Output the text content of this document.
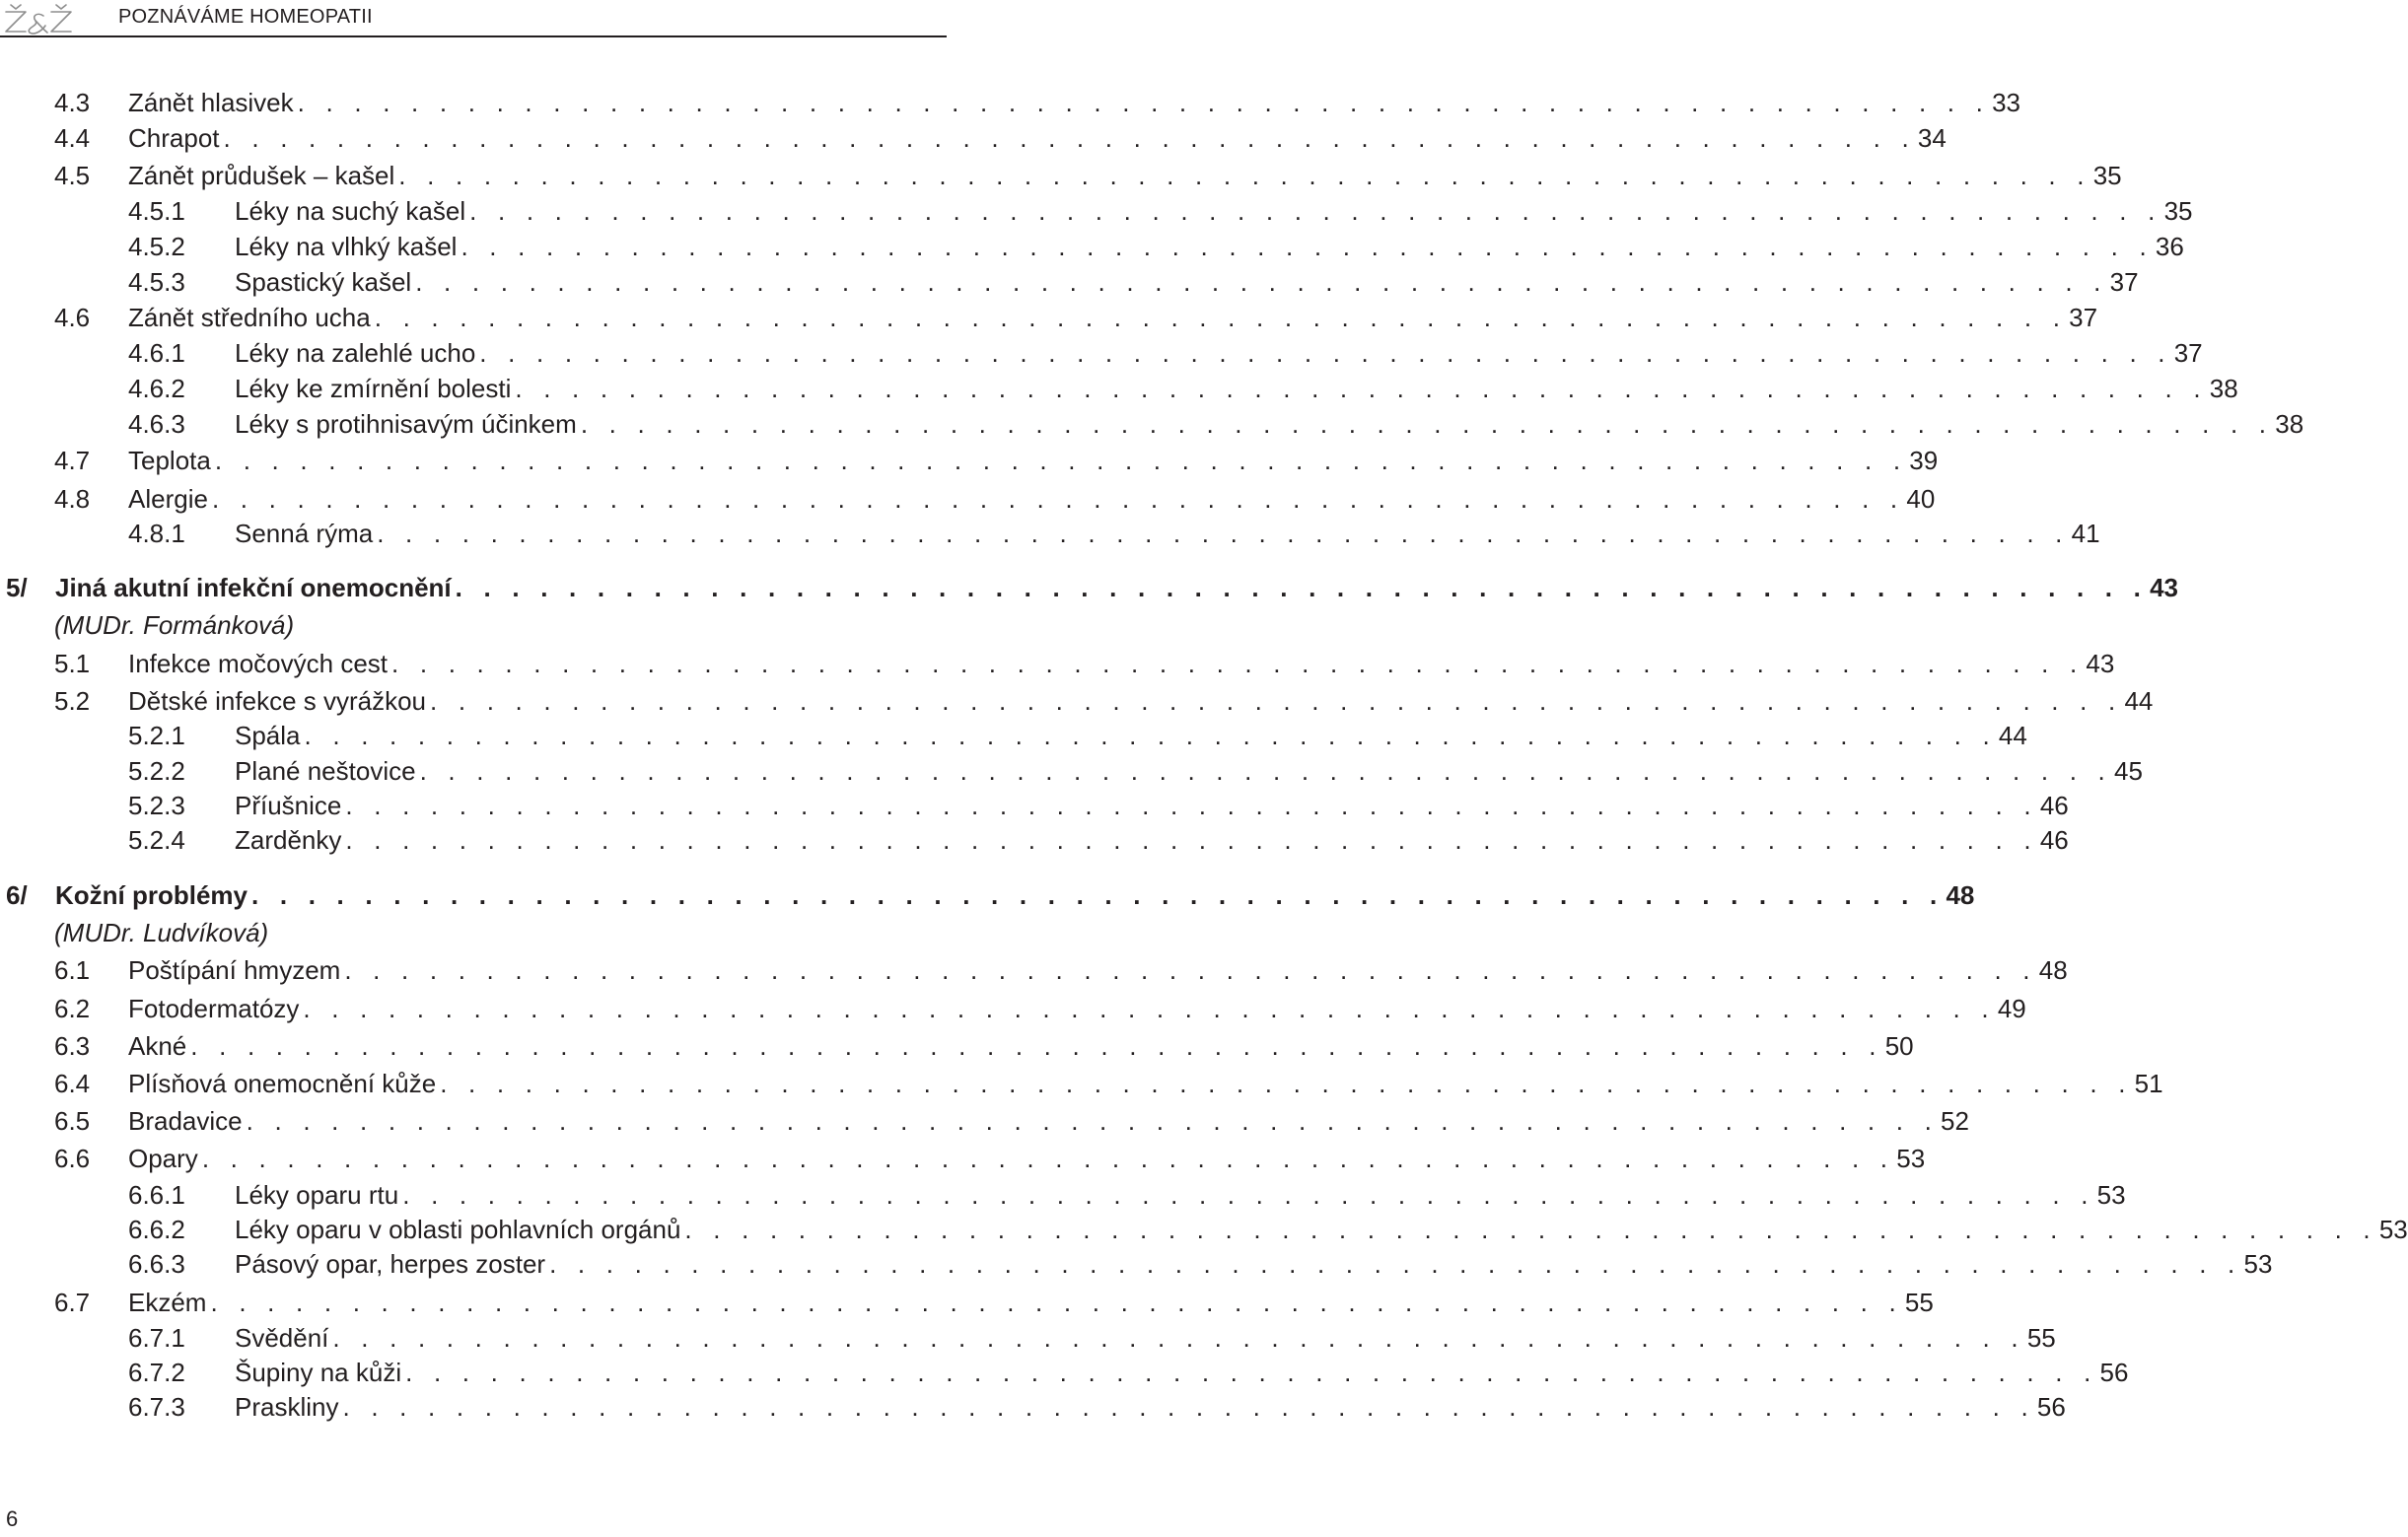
POZNÁVÁME HOMEOPATII
4.3 Zánět hlasivek . . . . . . . . . . . . . . . . . . . . . . . . . . . . . . . . . . . . . . . . . . . . . . . . . . . . . . . . . . . . 33
4.4 Chrapot . . . . . . . . . . . . . . . . . . . . . . . . . . . . . . . . . . . . . . . . . . . . . . . . . . . . . . . . . . . . 34
4.5 Zánět průdušek – kašel . . . . . . . . . . . . . . . . . . . . . . . . . . . . . . . . . . . . . . . . . . . . . . . . . . . . . . . . . . . . 35
4.5.1 Léky na suchý kašel . . . . . . . . . . . . . . . . . . . . . . . . . . . . . . . . . . . . . . . . . . . . . . . . . . . . . . . . . . . . 35
4.5.2 Léky na vlhký kašel . . . . . . . . . . . . . . . . . . . . . . . . . . . . . . . . . . . . . . . . . . . . . . . . . . . . . . . . . . . . 36
4.5.3 Spastický kašel . . . . . . . . . . . . . . . . . . . . . . . . . . . . . . . . . . . . . . . . . . . . . . . . . . . . . . . . . . . . 37
4.6 Zánět středního ucha . . . . . . . . . . . . . . . . . . . . . . . . . . . . . . . . . . . . . . . . . . . . . . . . . . . . . . . . . . . . 37
4.6.1 Léky na zalehlé ucho . . . . . . . . . . . . . . . . . . . . . . . . . . . . . . . . . . . . . . . . . . . . . . . . . . . . . . . . . . . . 37
4.6.2 Léky ke zmírnění bolesti . . . . . . . . . . . . . . . . . . . . . . . . . . . . . . . . . . . . . . . . . . . . . . . . . . . . . . . . . . . . 38
4.6.3 Léky s protihnisavým účinkem . . . . . . . . . . . . . . . . . . . . . . . . . . . . . . . . . . . . . . . . . . . . . . . . . . . . . . . . . . . . 38
4.7 Teplota . . . . . . . . . . . . . . . . . . . . . . . . . . . . . . . . . . . . . . . . . . . . . . . . . . . . . . . . . . . . 39
4.8 Alergie . . . . . . . . . . . . . . . . . . . . . . . . . . . . . . . . . . . . . . . . . . . . . . . . . . . . . . . . . . . . 40
4.8.1 Senná rýma . . . . . . . . . . . . . . . . . . . . . . . . . . . . . . . . . . . . . . . . . . . . . . . . . . . . . . . . . . . . 41
5/ Jiná akutní infekční onemocnění . . . . . . . . . . . . . . . . . . . . . . . . . . . . . . . . . . . . . . . . . . . . . . . . . . . . . . . . . . . . 43
(MUDr. Formánková)
5.1 Infekce močových cest . . . . . . . . . . . . . . . . . . . . . . . . . . . . . . . . . . . . . . . . . . . . . . . . . . . . . . . . . . . . 43
5.2 Dětské infekce s vyrážkou . . . . . . . . . . . . . . . . . . . . . . . . . . . . . . . . . . . . . . . . . . . . . . . . . . . . . . . . . . . . 44
5.2.1 Spála . . . . . . . . . . . . . . . . . . . . . . . . . . . . . . . . . . . . . . . . . . . . . . . . . . . . . . . . . . . . 44
5.2.2 Plané neštovice . . . . . . . . . . . . . . . . . . . . . . . . . . . . . . . . . . . . . . . . . . . . . . . . . . . . . . . . . . . . 45
5.2.3 Příušnice . . . . . . . . . . . . . . . . . . . . . . . . . . . . . . . . . . . . . . . . . . . . . . . . . . . . . . . . . . . . 46
5.2.4 Zarděnky . . . . . . . . . . . . . . . . . . . . . . . . . . . . . . . . . . . . . . . . . . . . . . . . . . . . . . . . . . . . 46
6/ Kožní problémy . . . . . . . . . . . . . . . . . . . . . . . . . . . . . . . . . . . . . . . . . . . . . . . . . . . . . . . . . . . . 48
(MUDr. Ludvíková)
6.1 Poštípání hmyzem . . . . . . . . . . . . . . . . . . . . . . . . . . . . . . . . . . . . . . . . . . . . . . . . . . . . . . . . . . . . 48
6.2 Fotodermatózy . . . . . . . . . . . . . . . . . . . . . . . . . . . . . . . . . . . . . . . . . . . . . . . . . . . . . . . . . . . . 49
6.3 Akné . . . . . . . . . . . . . . . . . . . . . . . . . . . . . . . . . . . . . . . . . . . . . . . . . . . . . . . . . . . . 50
6.4 Plísňová onemocnění kůže . . . . . . . . . . . . . . . . . . . . . . . . . . . . . . . . . . . . . . . . . . . . . . . . . . . . . . . . . . . . 51
6.5 Bradavice . . . . . . . . . . . . . . . . . . . . . . . . . . . . . . . . . . . . . . . . . . . . . . . . . . . . . . . . . . . . 52
6.6 Opary . . . . . . . . . . . . . . . . . . . . . . . . . . . . . . . . . . . . . . . . . . . . . . . . . . . . . . . . . . . . 53
6.6.1 Léky oparu rtu . . . . . . . . . . . . . . . . . . . . . . . . . . . . . . . . . . . . . . . . . . . . . . . . . . . . . . . . . . . . 53
6.6.2 Léky oparu v oblasti pohlavních orgánů . . . . . . . . . . . . . . . . . . . . . . . . . . . . . . . . . . . . . . . . . . . . . . . . . . . . . . . . . . . . 53
6.6.3 Pásový opar, herpes zoster . . . . . . . . . . . . . . . . . . . . . . . . . . . . . . . . . . . . . . . . . . . . . . . . . . . . . . . . . . . . 53
6.7 Ekzém . . . . . . . . . . . . . . . . . . . . . . . . . . . . . . . . . . . . . . . . . . . . . . . . . . . . . . . . . . . . 55
6.7.1 Svědění . . . . . . . . . . . . . . . . . . . . . . . . . . . . . . . . . . . . . . . . . . . . . . . . . . . . . . . . . . . . 55
6.7.2 Šupiny na kůži . . . . . . . . . . . . . . . . . . . . . . . . . . . . . . . . . . . . . . . . . . . . . . . . . . . . . . . . . . . . 56
6.7.3 Praskliny . . . . . . . . . . . . . . . . . . . . . . . . . . . . . . . . . . . . . . . . . . . . . . . . . . . . . . . . . . . . 56
6
